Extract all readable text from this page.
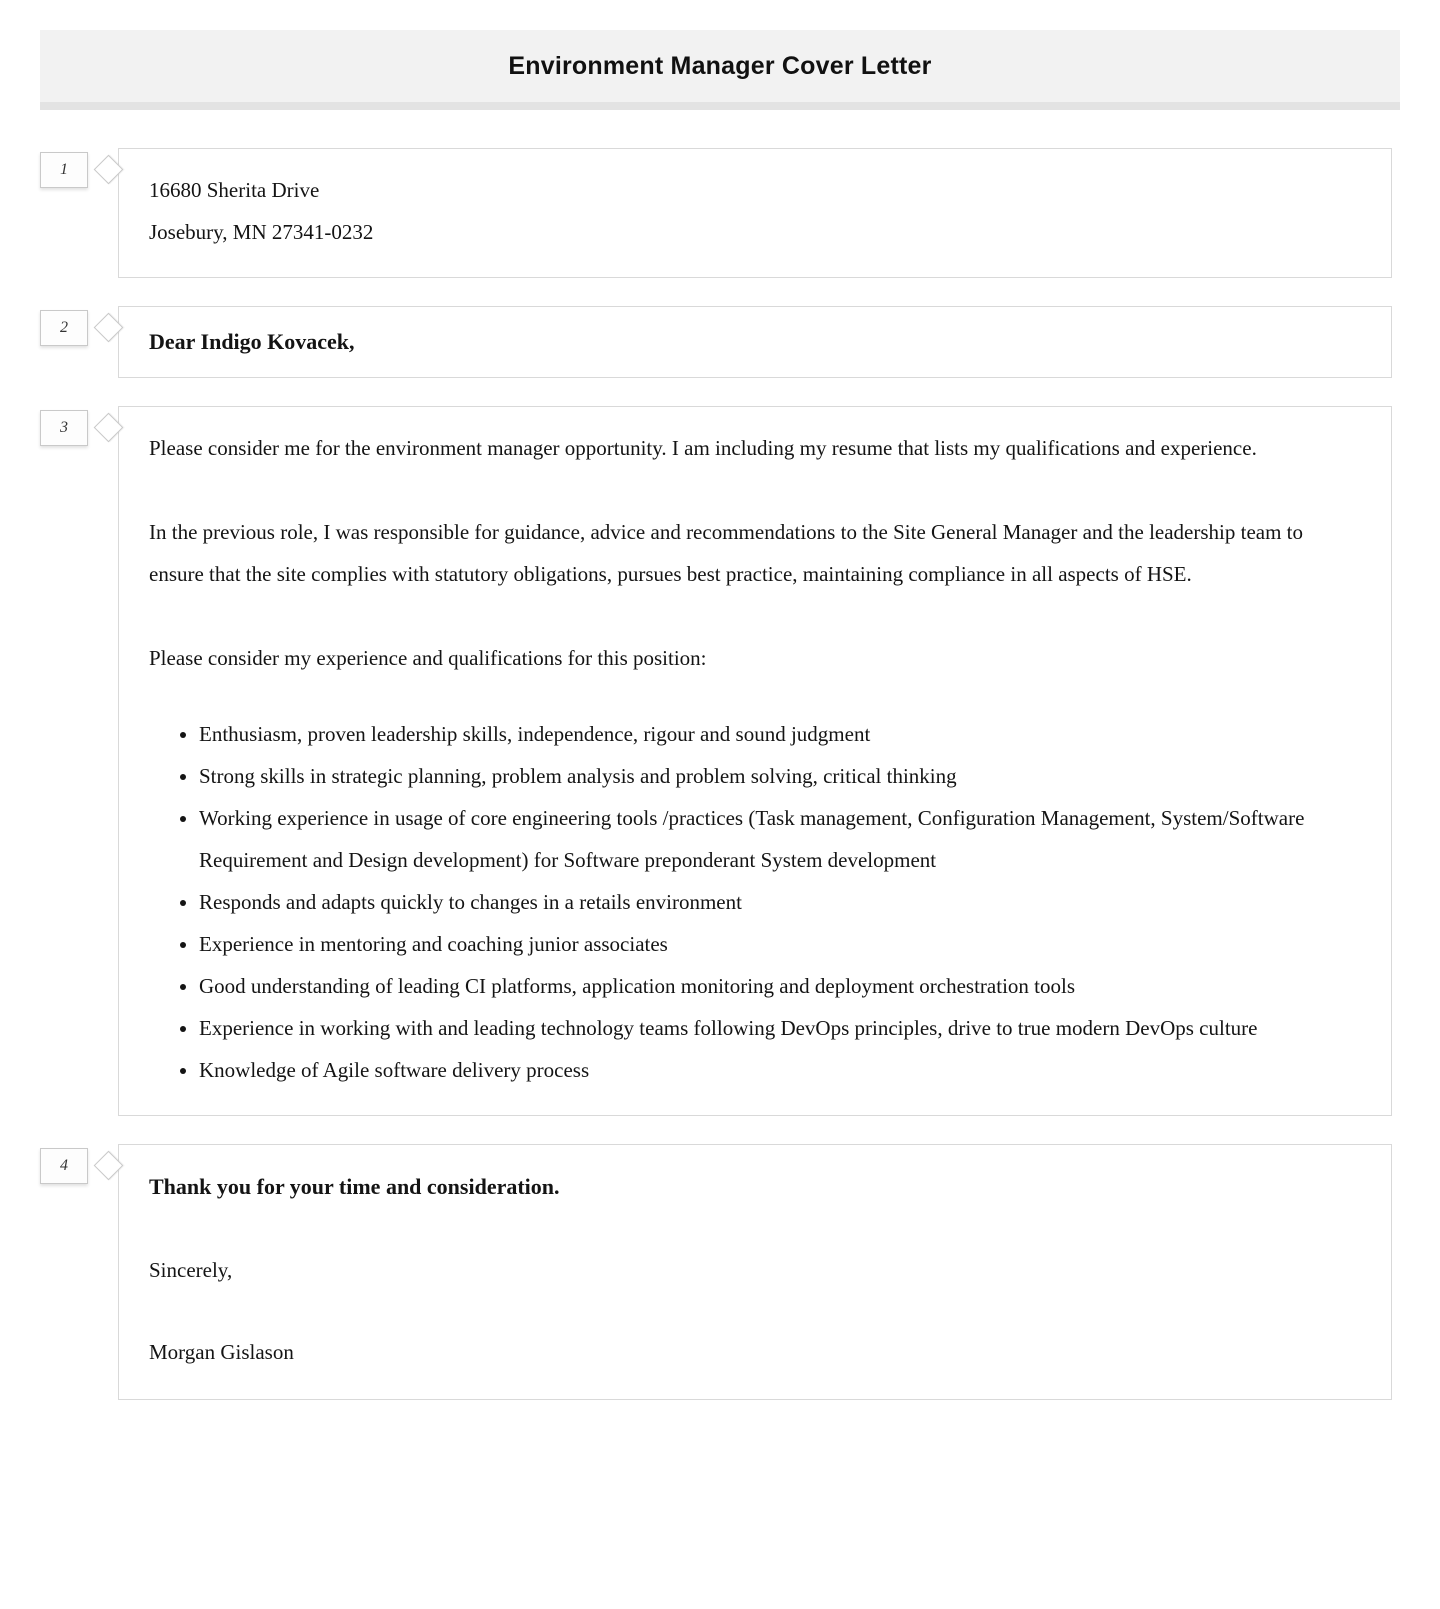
Environment Manager Cover Letter
1

16680 Sherita Drive

Josebury, MN 27341-0232

2

Dear Indigo Kovacek,

3

Please consider me for the environment manager opportunity. I am including my resume that lists my qualifications and experience.

In the previous role, I was responsible for guidance, advice and recommendations to the Site General Manager and the leadership team to ensure that the site complies with statutory obligations, pursues best practice, maintaining compliance in all aspects of HSE.

Please consider my experience and qualifications for this position:

• Enthusiasm, proven leadership skills, independence, rigour and sound judgment
• Strong skills in strategic planning, problem analysis and problem solving, critical thinking
• Working experience in usage of core engineering tools /practices (Task management, Configuration Management, System/Software Requirement and Design development) for Software preponderant System development
• Responds and adapts quickly to changes in a retails environment
• Experience in mentoring and coaching junior associates
• Good understanding of leading CI platforms, application monitoring and deployment orchestration tools
• Experience in working with and leading technology teams following DevOps principles, drive to true modern DevOps culture
• Knowledge of Agile software delivery process
4

Thank you for your time and consideration.

Sincerely,

Morgan Gislason
